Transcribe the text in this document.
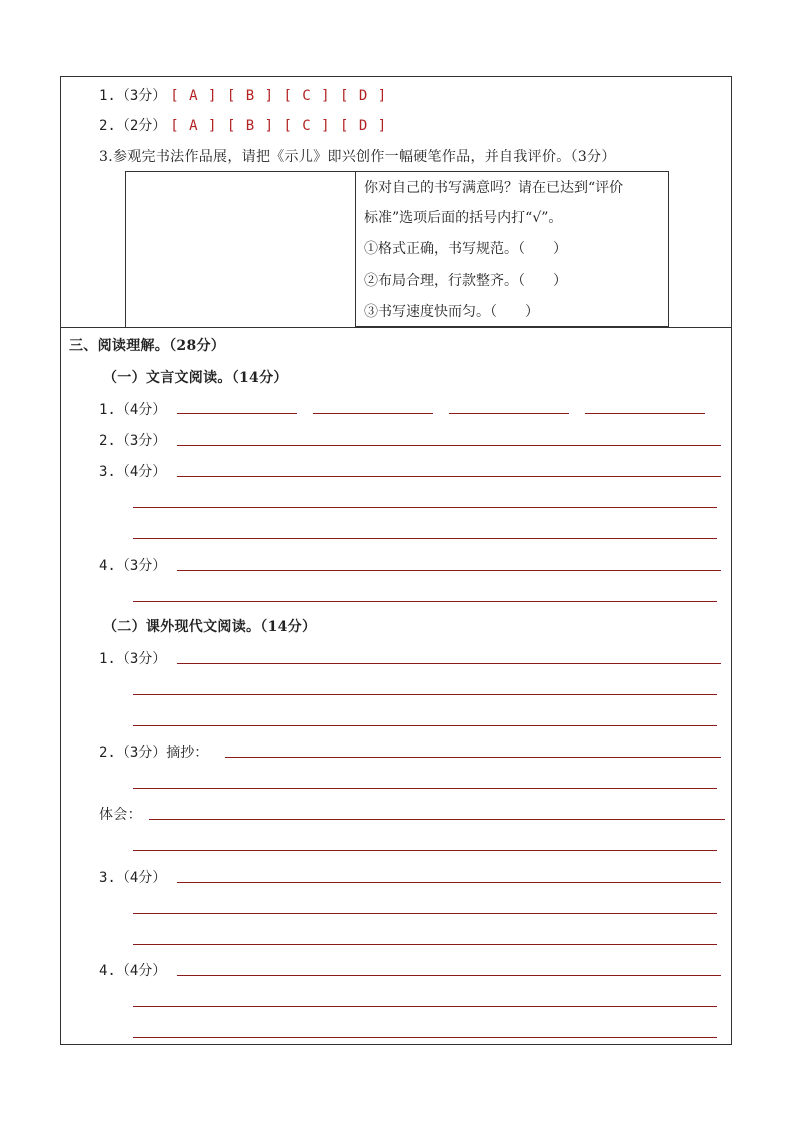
1.（3分） [ A ] [ B ] [ C ] [ D ]
2.（2分） [ A ] [ B ] [ C ] [ D ]
3.参观完书法作品展，请把《示儿》即兴创作一幅硬笔作品，并自我评价。（3分）
你对自己的书写满意吗？请在已达到“评价
标准”选项后面的括号内打“√”。
①格式正确，书写规范。（　　）
②布局合理，行款整齐。（　　）
③书写速度快而匀。（　　）
三、阅读理解。（28分）
（一）文言文阅读。（14分）
1.（4分）
2.（3分）
3.（4分）
4.（3分）
（二）课外现代文阅读。（14分）
1.（3分）
2.（3分）摘抄：
体会：
3.（4分）
4.（4分）
